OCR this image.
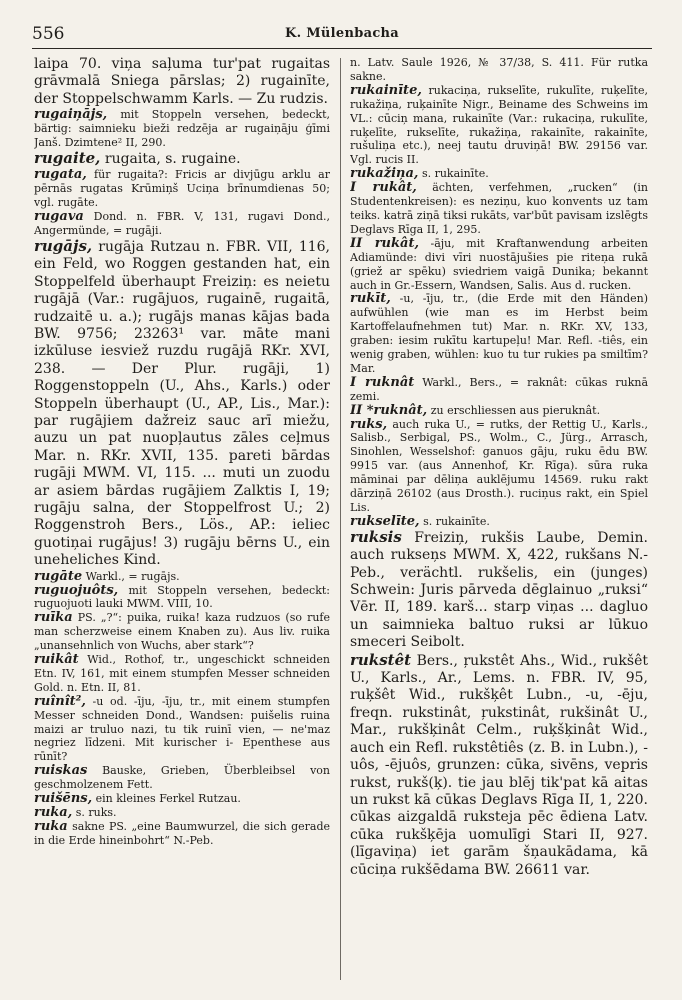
556	K. Mülenbacha

laipa 70. viņa saļuma tur'pat rugaitas grāvmalā Sniega pārslas; 2) rugainīte, der Stoppelschwamm Karls. — Zu rudzis.

rugaiņājs, mit Stoppeln versehen, bedeckt, bärtig: saimnieku bieži redzēja ar rugaiņāju ģīmi Janš. Dzimtene² II, 290.

rugaite, rugaita, s. rugaine.

rugata, für rugaita?: Fricis ar divjūgu arklu ar pērnās rugatas Krūmiņš Uciņa brīnumdienas 50; vgl. rugāte.

rugava Dond. n. FBR. V, 131, rugavi Dond., Angermünde, = rugāji.

rugājs, rugāja Rutzau n. FBR. VII, 116, ein Feld, wo Roggen gestanden hat, ein Stoppelfeld überhaupt Freiziņ: es neietu rugājā (Var.: rugājuos, rugainē, rugaitā, rudzaitē u. a.); rugājs manas kājas bada BW. 9756; 23263¹ var. māte mani izkūluse iesviež ruzdu rugājā RKr. XVI, 238. — Der Plur. rugāji, 1) Roggenstoppeln (U., Ahs., Karls.) oder Stoppeln überhaupt (U., AP., Lis., Mar.): par rugājiem dažreiz sauc arī miežu, auzu un pat nuopļautus zāles ceļmus Mar. n. RKr. XVII, 135. pareti bārdas rugāji MWM. VI, 115. ... muti un zuodu ar asiem bārdas rugājiem Zalktis I, 19; rugāju salna, der Stoppelfrost U.; 2) Roggenstroh Bers., Lös., AP.: ieliec guotiņai rugājus! 3) rugāju bērns U., ein uneheliches Kind.

rugāte Warkl., = rugājs.

ruguojuôts, mit Stoppeln versehen, bedeckt: ruguojuoti lauki MWM. VIII, 10.

ruīka PS. „?“: puika, ruika! kaza rudzuos (so rufe man scherzweise einem Knaben zu). Aus liv. ruika „unansehnlich von Wuchs, aber stark“?

ruikât Wid., Rothof, tr., ungeschickt schneiden Etn. IV, 161, mit einem stumpfen Messer schneiden Gold. n. Etn. II, 81.

ruînît², -u od. -īju, -īju, tr., mit einem stumpfen Messer schneiden Dond., Wandsen: puišelis ruina maizi ar truluo nazi, tu tik ruinī vien, — ne'maz negriez līdzeni. Mit kurischer i- Epenthese aus rūnīt?

ruiskas Bauske, Grieben, Überbleibsel von geschmolzenem Fett.

ruišēns, ein kleines Ferkel Rutzau.

ruka, s. ruks.

ruka sakne PS. „eine Baumwurzel, die sich gerade in die Erde hineinbohrt“ N.-Peb.

n. Latv. Saule 1926, № 37/38, S. 411. Für rutka sakne.

rukainīte, rukaciņa, rukselīte, rukulīte, ruķelīte, rukažiņa, ruķainīte Nigr., Beiname des Schweins im VL.: cūciņ mana, rukainīte (Var.: rukaciņa, rukulīte, ruķelīte, rukselīte, rukažiņa, rakainīte, rakainīte, rušuliņa etc.), neej tautu druviņā! BW. 29156 var. Vgl. rucis II.

rukažiņa, s. rukainīte.

I rukât, ächten, verfehmen, „rucken“ (in Studentenkreisen): es neziņu, kuo konvents uz tam teiks. katrā ziņā tiksi rukāts, var'būt pavisam izslēgts Deglavs Rīga II, 1, 295.

II rukât, -āju, mit Kraftanwendung arbeiten Adiamünde: divi vīri nuostājušies pie riteņa rukā (griež ar spēku) sviedriem vaigā Dunika; bekannt auch in Gr.-Essern, Wandsen, Salis. Aus d. rucken.

rukīt, -u, -īju, tr., (die Erde mit den Händen) aufwühlen (wie man es im Herbst beim Kartoffelaufnehmen tut) Mar. n. RKr. XV, 133, graben: iesim rukītu kartupeļu! Mar. Refl. -tiês, ein wenig graben, wühlen: kuo tu tur rukies pa smiltīm? Mar.

I ruknât Warkl., Bers., = raknât: cūkas ruknā zemi.

II *ruknât, zu erschliessen aus pieruknât.

ruks, auch ruka U., = rutks, der Rettig U., Karls., Salisb., Serbigal, PS., Wolm., C., Jürg., Arrasch, Sinohlen, Wesselshof: ganuos gāju, ruku ēdu BW. 9915 var. (aus Annenhof, Kr. Rīga). sūra ruka māminai par dēliņa auklējumu 14569. ruku rakt dārziņā 26102 (aus Drosth.). ruciņus rakt, ein Spiel Lis.

rukselīte, s. rukainīte.

ruksis Freiziņ, rukšis Laube, Demin. auch rukseņs MWM. X, 422, rukšans N.-Peb., verächtl. rukšelis, ein (junges) Schwein: Juris pārveda dēglainuo „ruksi“ Vēr. II, 189. karš... starp viņas ... dagluo un saimnieka baltuo ruksi ar lūkuo smeceri Seibolt.

rukstêt Bers., ŗukstêt Ahs., Wid., rukšêt U., Karls., Ar., Lems. n. FBR. IV, 95, ruķšêt Wid., rukšķêt Lubn., -u, -ēju, freqn. rukstinât, ŗukstinât, rukšinât U., Mar., rukšķinât Celm., ruķšķinât Wid., auch ein Refl. rukstêtiês (z. B. in Lubn.), -uôs, -ējuôs, grunzen: cūka, sivēns, vepris rukst, rukš(ķ). tie jau blēj tik'pat kā aitas un rukst kā cūkas Deglavs Rīga II, 1, 220. cūkas aizgaldā ruksteja pēc ēdiena Latv. cūka rukšķēja uomulīgi Stari II, 927. (līgaviņa) iet garām šņaukādama, kā cūciņa rukšēdama BW. 26611 var.
